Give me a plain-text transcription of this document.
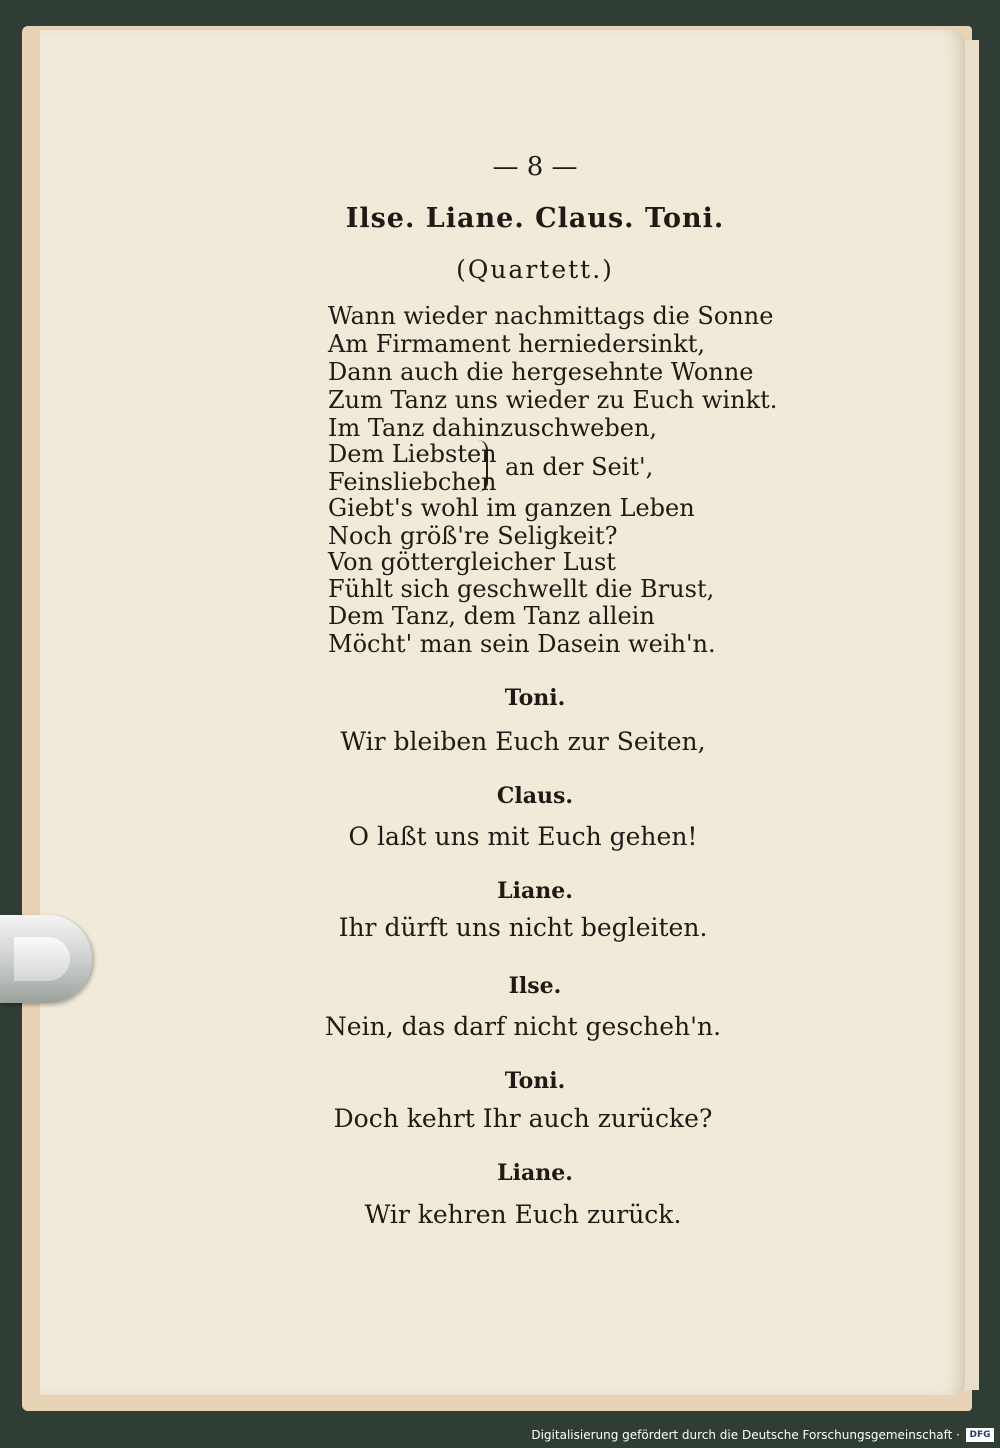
— 8 —
Ilse. Liane. Claus. Toni.
(Quartett.)
Wann wieder nachmittags die Sonne
Am Firmament herniedersinkt,
Dann auch die hergesehnte Wonne
Zum Tanz uns wieder zu Euch winkt.
Im Tanz dahinzuschweben,
Dem Liebsten
Feinsliebchen
an der Seit',
Giebt's wohl im ganzen Leben
Noch größ're Seligkeit?
Von göttergleicher Lust
Fühlt sich geschwellt die Brust,
Dem Tanz, dem Tanz allein
Möcht' man sein Dasein weih'n.
Toni.
Wir bleiben Euch zur Seiten,
Claus.
O laßt uns mit Euch gehen!
Liane.
Ihr dürft uns nicht begleiten.
Ilse.
Nein, das darf nicht gescheh'n.
Toni.
Doch kehrt Ihr auch zurücke?
Liane.
Wir kehren Euch zurück.
Digitalisierung gefördert durch die Deutsche Forschungsgemeinschaft ·	DFG
